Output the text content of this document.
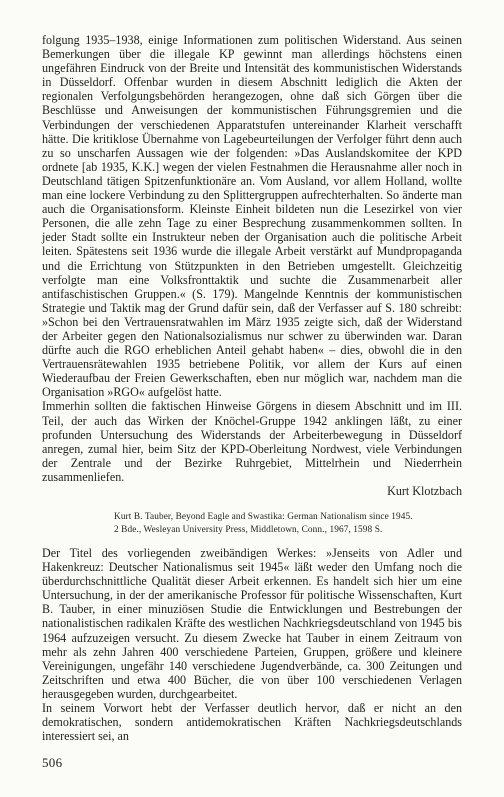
folgung 1935–1938, einige Informationen zum politischen Widerstand. Aus seinen Bemerkungen über die illegale KP gewinnt man allerdings höchstens einen ungefähren Eindruck von der Breite und Intensität des kommunistischen Widerstands in Düsseldorf. Offenbar wurden in diesem Abschnitt lediglich die Akten der regionalen Verfolgungsbehörden herangezogen, ohne daß sich Görgen über die Beschlüsse und Anweisungen der kommunistischen Führungsgremien und die Verbindungen der verschiedenen Apparatstufen untereinander Klarheit verschafft hätte. Die kritiklose Übernahme von Lagebeurteilungen der Verfolger führt denn auch zu so unscharfen Aussagen wie der folgenden: »Das Auslandskomitee der KPD ordnete [ab 1935, K.K.] wegen der vielen Festnahmen die Herausnahme aller noch in Deutschland tätigen Spitzenfunktionäre an. Vom Ausland, vor allem Holland, wollte man eine lockere Verbindung zu den Splittergruppen aufrechterhalten. So änderte man auch die Organisationsform. Kleinste Einheit bildeten nun die Lesezirkel von vier Personen, die alle zehn Tage zu einer Besprechung zusammenkommen sollten. In jeder Stadt sollte ein Instrukteur neben der Organisation auch die politische Arbeit leiten. Spätestens seit 1936 wurde die illegale Arbeit verstärkt auf Mundpropaganda und die Errichtung von Stützpunkten in den Betrieben umgestellt. Gleichzeitig verfolgte man eine Volksfronttaktik und suchte die Zusammenarbeit aller antifaschistischen Gruppen.« (S. 179). Mangelnde Kenntnis der kommunistischen Strategie und Taktik mag der Grund dafür sein, daß der Verfasser auf S. 180 schreibt: »Schon bei den Vertrauensratwahlen im März 1935 zeigte sich, daß der Widerstand der Arbeiter gegen den Nationalsozialismus nur schwer zu überwinden war. Daran dürfte auch die RGO erheblichen Anteil gehabt haben« – dies, obwohl die in den Vertrauensrätewahlen 1935 betriebene Politik, vor allem der Kurs auf einen Wiederaufbau der Freien Gewerkschaften, eben nur möglich war, nachdem man die Organisation »RGO« aufgelöst hatte.

Immerhin sollten die faktischen Hinweise Görgens in diesem Abschnitt und im III. Teil, der auch das Wirken der Knöchel-Gruppe 1942 anklingen läßt, zu einer profunden Untersuchung des Widerstands der Arbeiterbewegung in Düsseldorf anregen, zumal hier, beim Sitz der KPD-Oberleitung Nordwest, viele Verbindungen der Zentrale und der Bezirke Ruhrgebiet, Mittelrhein und Niederrhein zusammenliefen.

Kurt Klotzbach

Kurt B. Tauber, Beyond Eagle and Swastika: German Nationalism since 1945.
2 Bde., Wesleyan University Press, Middletown, Conn., 1967, 1598 S.

Der Titel des vorliegenden zweibändigen Werkes: »Jenseits von Adler und Hakenkreuz: Deutscher Nationalismus seit 1945« läßt weder den Umfang noch die überdurchschnittliche Qualität dieser Arbeit erkennen. Es handelt sich hier um eine Untersuchung, in der der amerikanische Professor für politische Wissenschaften, Kurt B. Tauber, in einer minuziösen Studie die Entwicklungen und Bestrebungen der nationalistischen radikalen Kräfte des westlichen Nachkriegsdeutschland von 1945 bis 1964 aufzuzeigen versucht. Zu diesem Zwecke hat Tauber in einem Zeitraum von mehr als zehn Jahren 400 verschiedene Parteien, Gruppen, größere und kleinere Vereinigungen, ungefähr 140 verschiedene Jugendverbände, ca. 300 Zeitungen und Zeitschriften und etwa 400 Bücher, die von über 100 verschiedenen Verlagen herausgegeben wurden, durchgearbeitet.

In seinem Vorwort hebt der Verfasser deutlich hervor, daß er nicht an den demokratischen, sondern antidemokratischen Kräften Nachkriegsdeutschlands interessiert sei, an

506
